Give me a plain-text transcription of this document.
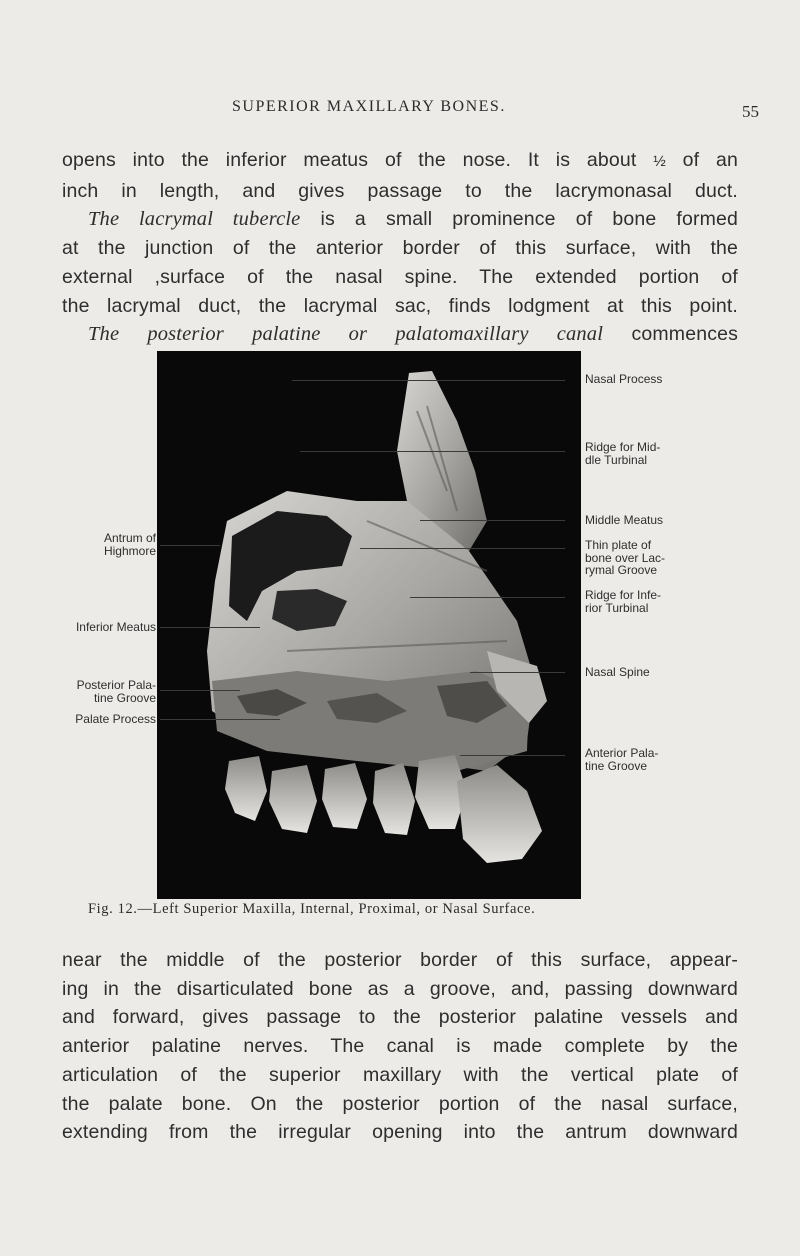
SUPERIOR MAXILLARY BONES.	55
opens into the inferior meatus of the nose. It is about ½ of an
inch in length, and gives passage to the lacrymonasal duct.
The lacrymal tubercle is a small prominence of bone formed
at the junction of the anterior border of this surface, with the
external ,surface of the nasal spine. The extended portion of
the lacrymal duct, the lacrymal sac, finds lodgment at this point.
The posterior palatine or palatomaxillary canal commences
Antrum of
Highmore
Inferior Meatus
Posterior Pala-
tine Groove
Palate Process
Nasal Process
Ridge for Mid-
dle Turbinal
Middle Meatus
Thin plate of
bone over Lac-
rymal Groove
Ridge for Infe-
rior Turbinal
Nasal Spine
Anterior Pala-
tine Groove
Fig. 12.—Left Superior Maxilla, Internal, Proximal, or Nasal Surface.
near the middle of the posterior border of this surface, appear-
ing in the disarticulated bone as a groove, and, passing downward
and forward, gives passage to the posterior palatine vessels and
anterior palatine nerves. The canal is made complete by the
articulation of the superior maxillary with the vertical plate of
the palate bone. On the posterior portion of the nasal surface,
extending from the irregular opening into the antrum downward
